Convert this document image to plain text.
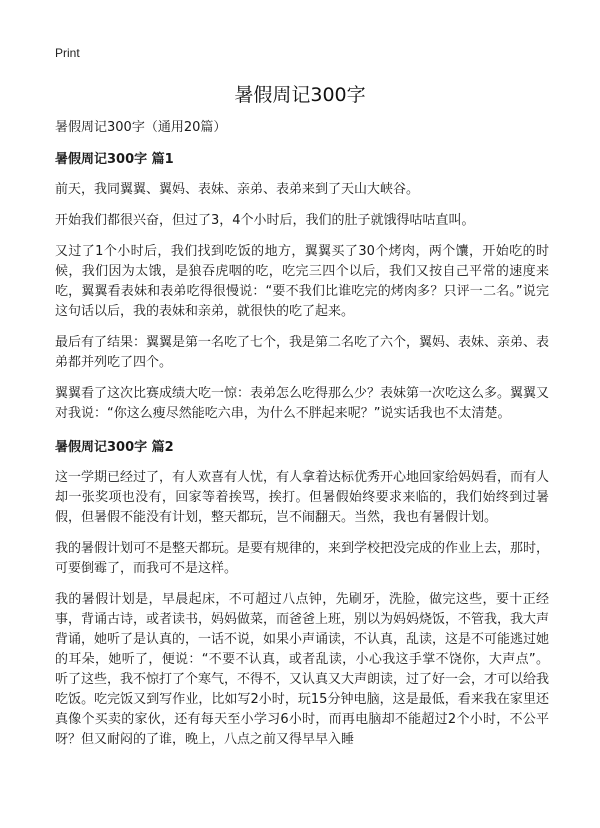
Print
暑假周记300字
暑假周记300字（通用20篇）
暑假周记300字 篇1

前天，我同翼翼、翼妈、表妹、亲弟、表弟来到了天山大峡谷。

开始我们都很兴奋，但过了3，4个小时后，我们的肚子就饿得咕咕直叫。

又过了1个小时后，我们找到吃饭的地方，翼翼买了30个烤肉，两个馕，开始吃的时候，我们因为太饿，是狼吞虎咽的吃，吃完三四个以后，我们又按自己平常的速度来吃，翼翼看表妹和表弟吃得很慢说：“要不我们比谁吃完的烤肉多？只评一二名。”说完这句话以后，我的表妹和亲弟，就很快的吃了起来。

最后有了结果：翼翼是第一名吃了七个，我是第二名吃了六个，翼妈、表妹、亲弟、表弟都并列吃了四个。

翼翼看了这次比赛成绩大吃一惊：表弟怎么吃得那么少？表妹第一次吃这么多。翼翼又对我说：“你这么瘦尽然能吃六串，为什么不胖起来呢？”说实话我也不太清楚。

暑假周记300字 篇2

这一学期已经过了，有人欢喜有人忧，有人拿着达标优秀开心地回家给妈妈看，而有人却一张奖项也没有，回家等着挨骂，挨打。但暑假始终要求来临的，我们始终到过暑假，但暑假不能没有计划，整天都玩，岂不闹翻天。当然，我也有暑假计划。

我的暑假计划可不是整天都玩。是要有规律的，来到学校把没完成的作业上去，那时，可要倒霉了，而我可不是这样。

我的暑假计划是，早晨起床，不可超过八点钟，先刷牙，洗脸，做完这些，要十正经事，背诵古诗，或者读书，妈妈做菜，而爸爸上班，别以为妈妈烧饭，不管我，我大声背诵，她听了是认真的，一话不说，如果小声诵读，不认真，乱读，这是不可能逃过她的耳朵，她听了，便说：“不要不认真，或者乱读，小心我这手掌不饶你，大声点”。听了这些，我不惊打了个寒气，不得不，又认真又大声朗读，过了好一会，才可以给我吃饭。吃完饭又到写作业，比如写2小时，玩15分钟电脑，这是最低，看来我在家里还真像个买卖的家伙，还有每天至小学习6小时，而再电脑却不能超过2个小时，不公平呀？但又耐闷的了谁，晚上，八点之前又得早早入睡
